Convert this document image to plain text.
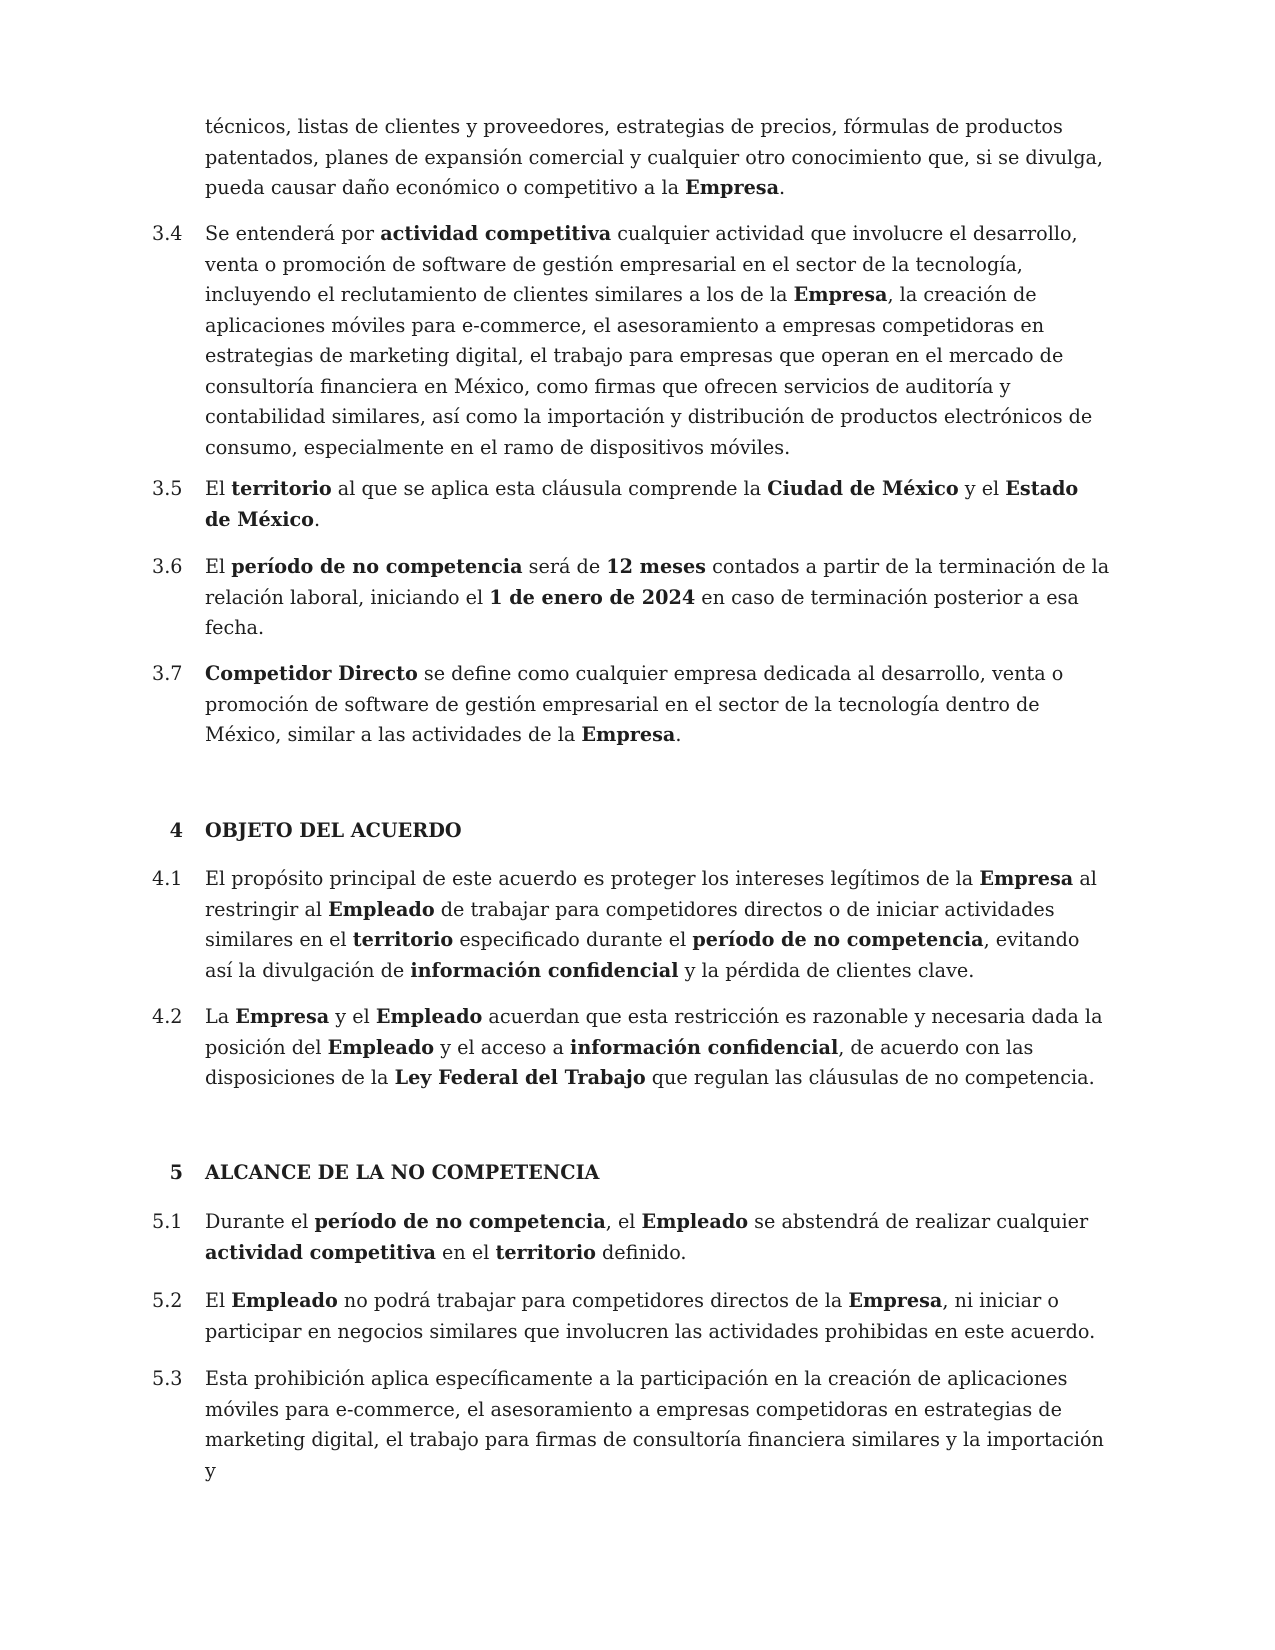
técnicos, listas de clientes y proveedores, estrategias de precios, fórmulas de productos patentados, planes de expansión comercial y cualquier otro conocimiento que, si se divulga, pueda causar daño económico o competitivo a la Empresa.
3.4	Se entenderá por actividad competitiva cualquier actividad que involucre el desarrollo, venta o promoción de software de gestión empresarial en el sector de la tecnología, incluyendo el reclutamiento de clientes similares a los de la Empresa, la creación de aplicaciones móviles para e-commerce, el asesoramiento a empresas competidoras en estrategias de marketing digital, el trabajo para empresas que operan en el mercado de consultoría financiera en México, como firmas que ofrecen servicios de auditoría y contabilidad similares, así como la importación y distribución de productos electrónicos de consumo, especialmente en el ramo de dispositivos móviles.
3.5	El territorio al que se aplica esta cláusula comprende la Ciudad de México y el Estado de México.
3.6	El período de no competencia será de 12 meses contados a partir de la terminación de la relación laboral, iniciando el 1 de enero de 2024 en caso de terminación posterior a esa fecha.
3.7	Competidor Directo se define como cualquier empresa dedicada al desarrollo, venta o promoción de software de gestión empresarial en el sector de la tecnología dentro de México, similar a las actividades de la Empresa.
4 OBJETO DEL ACUERDO
4.1	El propósito principal de este acuerdo es proteger los intereses legítimos de la Empresa al restringir al Empleado de trabajar para competidores directos o de iniciar actividades similares en el territorio especificado durante el período de no competencia, evitando así la divulgación de información confidencial y la pérdida de clientes clave.
4.2	La Empresa y el Empleado acuerdan que esta restricción es razonable y necesaria dada la posición del Empleado y el acceso a información confidencial, de acuerdo con las disposiciones de la Ley Federal del Trabajo que regulan las cláusulas de no competencia.
5 ALCANCE DE LA NO COMPETENCIA
5.1	Durante el período de no competencia, el Empleado se abstendrá de realizar cualquier actividad competitiva en el territorio definido.
5.2	El Empleado no podrá trabajar para competidores directos de la Empresa, ni iniciar o participar en negocios similares que involucren las actividades prohibidas en este acuerdo.
5.3	Esta prohibición aplica específicamente a la participación en la creación de aplicaciones móviles para e-commerce, el asesoramiento a empresas competidoras en estrategias de marketing digital, el trabajo para firmas de consultoría financiera similares y la importación y
